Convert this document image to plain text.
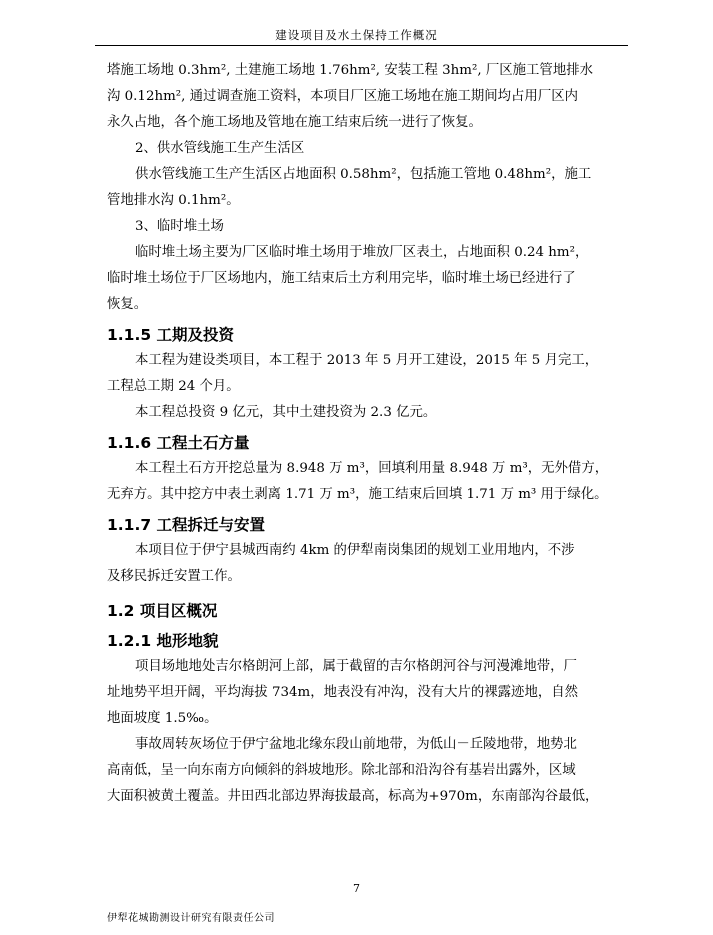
建设项目及水土保持工作概况
塔施工场地 0.3hm², 土建施工场地 1.76hm², 安装工程 3hm², 厂区施工管地排水
沟 0.12hm², 通过调查施工资料，本项目厂区施工场地在施工期间均占用厂区内
永久占地，各个施工场地及管地在施工结束后统一进行了恢复。
2、供水管线施工生产生活区
供水管线施工生产生活区占地面积 0.58hm²，包括施工管地 0.48hm²，施工
管地排水沟 0.1hm²。
3、临时堆土场
临时堆土场主要为厂区临时堆土场用于堆放厂区表土，占地面积 0.24 hm²，
临时堆土场位于厂区场地内，施工结束后土方利用完毕，临时堆土场已经进行了
恢复。
1.1.5 工期及投资
本工程为建设类项目，本工程于 2013 年 5 月开工建设，2015 年 5 月完工，
工程总工期 24 个月。
本工程总投资 9 亿元，其中土建投资为 2.3 亿元。
1.1.6 工程土石方量
本工程土石方开挖总量为 8.948 万 m³，回填利用量 8.948 万 m³，无外借方，
无弃方。其中挖方中表土剥离 1.71 万 m³，施工结束后回填 1.71 万 m³ 用于绿化。
1.1.7 工程拆迁与安置
本项目位于伊宁县城西南约 4km 的伊犁南岗集团的规划工业用地内，不涉
及移民拆迁安置工作。
1.2 项目区概况
1.2.1 地形地貌
项目场地地处吉尔格朗河上部，属于截留的吉尔格朗河谷与河漫滩地带，厂
址地势平坦开阔，平均海拔 734m，地表没有冲沟，没有大片的裸露迹地，自然
地面坡度 1.5‰。
事故周转灰场位于伊宁盆地北缘东段山前地带，为低山－丘陵地带，地势北
高南低，呈一向东南方向倾斜的斜坡地形。除北部和沿沟谷有基岩出露外，区域
大面积被黄土覆盖。井田西北部边界海拔最高，标高为+970m，东南部沟谷最低，
7
伊犁花城勘测设计研究有限责任公司
